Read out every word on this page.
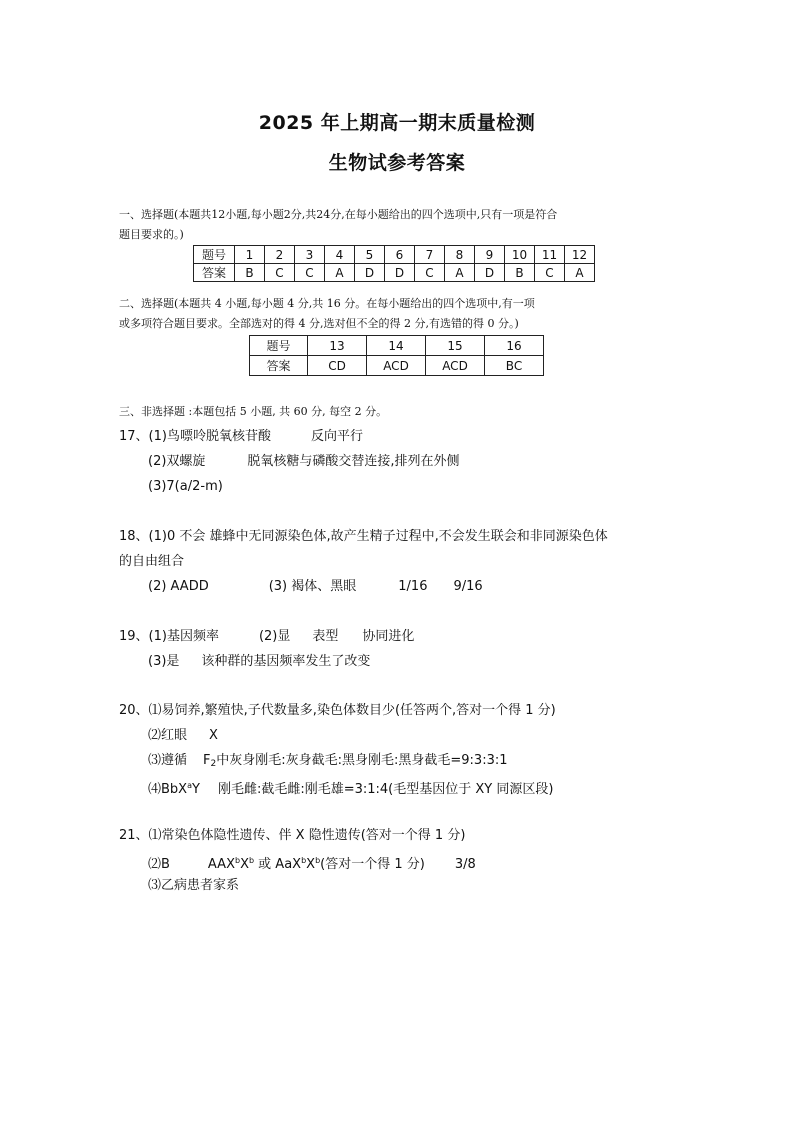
2025 年上期高一期末质量检测
生物试参考答案
一、选择题(本题共12小题,每小题2分,共24分,在每小题给出的四个选项中,只有一项是符合
题目要求的。)
题号	1	2	3	4	5	6	7	8	9	10	11	12
答案	B	C	C	A	D	D	C	A	D	B	C	A
二、选择题(本题共 4 小题,每小题 4 分,共 16 分。在每小题给出的四个选项中,有一项
或多项符合题目要求。全部选对的得 4 分,选对但不全的得 2 分,有选错的得 0 分。)
题号	13	14	15	16
答案	CD	ACD	ACD	BC
三、非选择题 :本题包括 5 小题, 共 60 分, 每空 2 分。
17、(1)鸟嘌呤脱氧核苷酸	反向平行
(2)双螺旋	脱氧核糖与磷酸交替连接,排列在外侧
(3)7(a/2-m)
18、(1)0 不会 雄蜂中无同源染色体,故产生精子过程中,不会发生联会和非同源染色体
的自由组合
(2) AADD	(3) 褐体、黑眼	1/16 9/16
19、(1)基因频率	(2)显 表型 协同进化
(3)是 该种群的基因频率发生了改变
20、⑴易饲养,繁殖快,子代数量多,染色体数目少(任答两个,答对一个得 1 分)
⑵红眼 X
⑶遵循 $F_2$中灰身刚毛:灰身截毛:黑身刚毛:黑身截毛=9:3:3:1
⑷BbX$^a$Y 刚毛雌:截毛雌:刚毛雄=3:1:4(毛型基因位于 XY 同源区段)
21、⑴常染色体隐性遗传、伴 X 隐性遗传(答对一个得 1 分)
⑵B	$AAX^bX^b$ 或 $AaX^bX^b$(答对一个得 1 分) 3/8
⑶乙病患者家系
